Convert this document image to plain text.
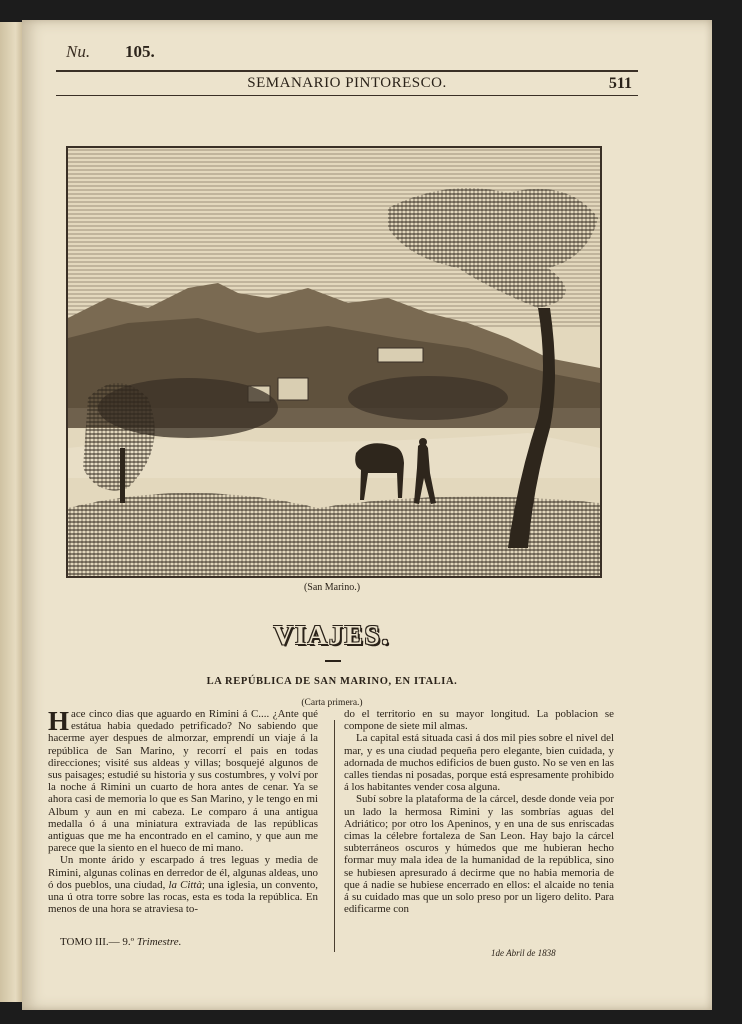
Nu. 105.
SEMANARIO PINTORESCO.	511
(San Marino.)
VIAJES.
LA REPÚBLICA DE SAN MARINO, EN ITALIA.
(Carta primera.)

Hace cinco dias que aguardo en Rimini á C.... ¿Ante qué estátua habia quedado petrificado? No sabiendo que hacerme ayer despues de almorzar, emprendí un viaje á la república de San Marino, y recorrí el pais en todas direcciones; visité sus aldeas y villas; bosquejé algunos de sus paisages; estudié su historia y sus costumbres, y volví por la noche á Rimini un cuarto de hora antes de cenar. Ya se ahora casi de memoria lo que es San Marino, y le tengo en mi Album y aun en mi cabeza. Le comparo á una antigua medalla ó á una miniatura extraviada de las repúblicas antiguas que me ha encontrado en el camino, y que aun me parece que la siento en el hueco de mi mano.

Un monte árido y escarpado á tres leguas y media de Rimini, algunas colinas en derredor de él, algunas aldeas, uno ó dos pueblos, una ciudad, la Città; una iglesia, un convento, una ú otra torre sobre las rocas, esta es toda la república. En menos de una hora se atraviesa to-

do el territorio en su mayor longitud. La poblacion se compone de siete mil almas.

La capital está situada casi á dos mil pies sobre el nivel del mar, y es una ciudad pequeña pero elegante, bien cuidada, y adornada de muchos edificios de buen gusto. No se ven en las calles tiendas ni posadas, porque está espresamente prohibido á los habitantes vender cosa alguna.

Subí sobre la plataforma de la cárcel, desde donde veia por un lado la hermosa Rimini y las sombrías aguas del Adriático; por otro los Apeninos, y en una de sus enriscadas cimas la célebre fortaleza de San Leon. Hay bajo la cárcel subterráneos oscuros y húmedos que me hubieran hecho formar muy mala idea de la humanidad de la república, sino se hubiesen apresurado á decirme que no habia memoria de que á nadie se hubiese encerrado en ellos: el alcaide no tenia á su cuidado mas que un solo preso por un ligero delito. Para edificarme con

TOMO III.— 9.º Trimestre.
1de Abril de 1838
